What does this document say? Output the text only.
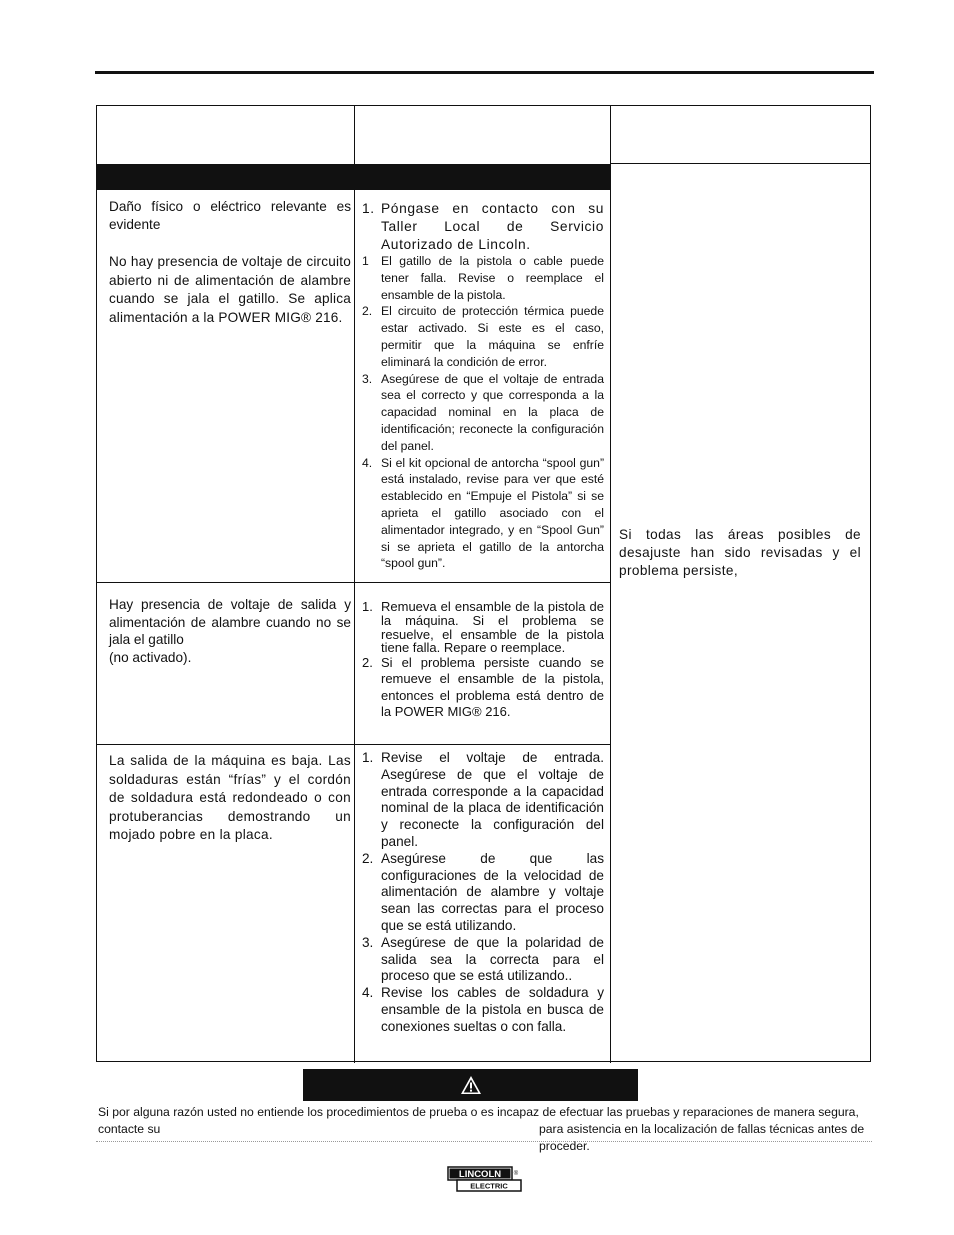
Daño físico o eléctrico relevante es evidente
1. Póngase en contacto con su Taller Local de Servicio Autorizado de Lincoln.
No hay presencia de voltaje de circuito abierto ni de alimentación de alambre cuando se jala el gatillo. Se aplica alimentación a la POWER MIG® 216.
1 El gatillo de la pistola o cable puede tener falla. Revise o reemplace el ensamble de la pistola.
2. El circuito de protección térmica puede estar activado. Si este es el caso, permitir que la máquina se enfríe eliminará la condición de error.
3. Asegúrese de que el voltaje de entrada sea el correcto y que corresponda a la capacidad nominal en la placa de identificación; reconecte la configuración del panel.
4. Si el kit opcional de antorcha “spool gun” está instalado, revise para ver que esté establecido en “Empuje el Pistola” si se aprieta el gatillo asociado con el alimentador integrado, y en “Spool Gun” si se aprieta el gatillo de la antorcha “spool gun”.
Hay presencia de voltaje de salida y alimentación de alambre cuando no se jala el gatillo
(no activado).
1. Remueva el ensamble de la pistola de la máquina. Si el problema se resuelve, el ensamble de la pistola tiene falla. Repare o reemplace.
2. Si el problema persiste cuando se remueve el ensamble de la pistola, entonces el problema está dentro de la POWER MIG® 216.
La salida de la máquina es baja. Las soldaduras están “frías” y el cordón de soldadura está redondeado o con protuberancias demostrando un mojado pobre en la placa.
1. Revise el voltaje de entrada. Asegúrese de que el voltaje de entrada corresponde a la capacidad nominal de la placa de identificación y reconecte la configuración del panel.
2. Asegúrese de que las configuraciones de la velocidad de alimentación de alambre y voltaje sean las correctas para el proceso que se está utilizando.
3. Asegúrese de que la polaridad de salida sea la correcta para el proceso que se está utilizando..
4. Revise los cables de soldadura y ensamble de la pistola en busca de conexiones sueltas o con falla.
Si todas las áreas posibles de desajuste han sido revisadas y el problema persiste,
Si por alguna razón usted no entiende los procedimientos de prueba o es incapaz de efectuar las pruebas y reparaciones de manera segura,
contacte su	para asistencia en la localización de fallas técnicas antes de proceder.
LINCOLN ®
ELECTRIC
